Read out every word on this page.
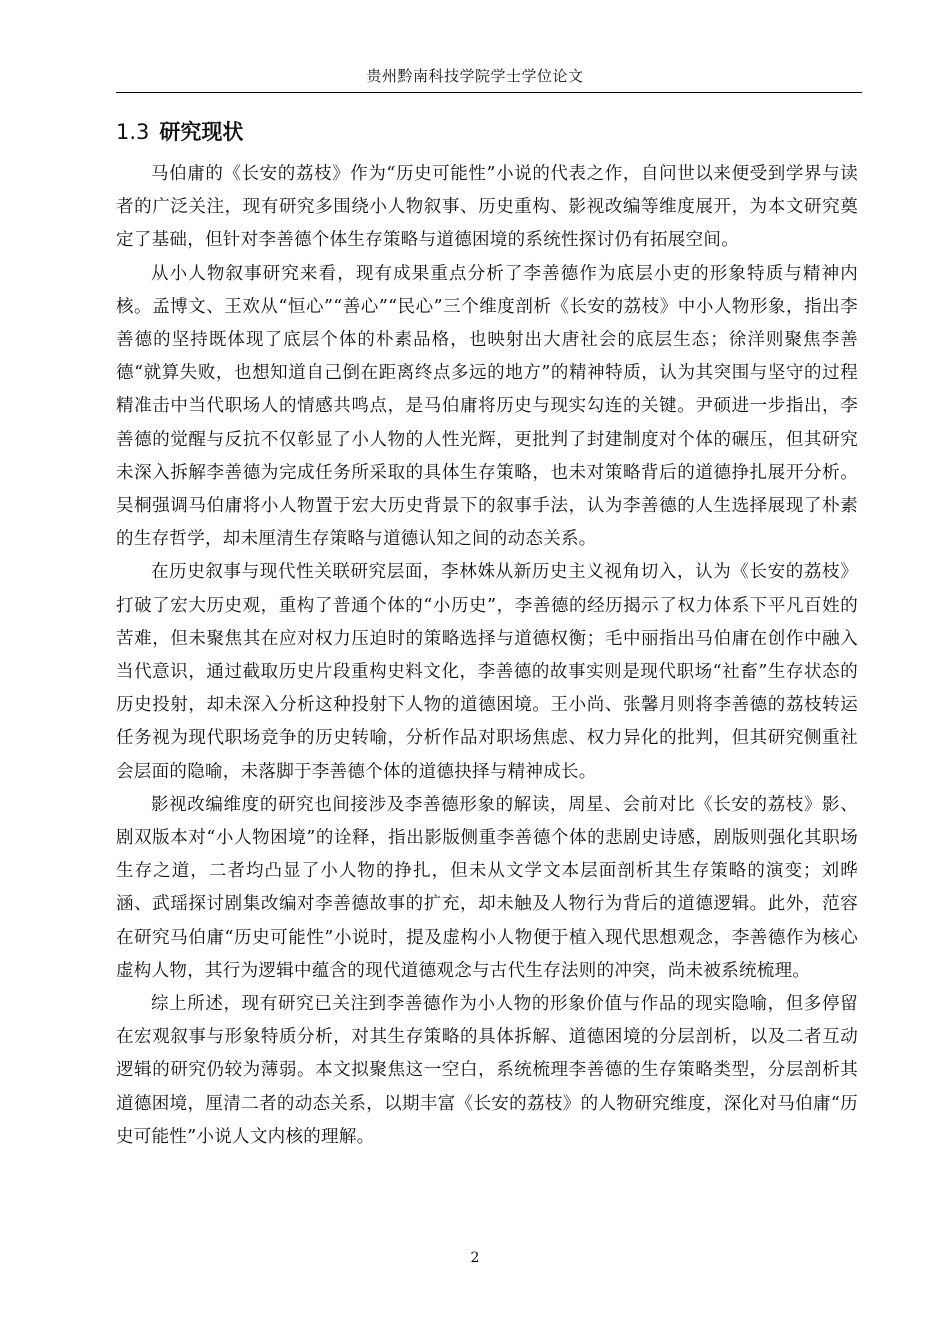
贵州黔南科技学院学士学位论文
1.3 研究现状

马伯庸的《长安的荔枝》作为“历史可能性”小说的代表之作，自问世以来便受到学界与读者的广泛关注，现有研究多围绕小人物叙事、历史重构、影视改编等维度展开，为本文研究奠定了基础，但针对李善德个体生存策略与道德困境的系统性探讨仍有拓展空间。

从小人物叙事研究来看，现有成果重点分析了李善德作为底层小吏的形象特质与精神内核。孟博文、王欢从“恒心”“善心”“民心”三个维度剖析《长安的荔枝》中小人物形象，指出李善德的坚持既体现了底层个体的朴素品格，也映射出大唐社会的底层生态；徐洋则聚焦李善德“就算失败，也想知道自己倒在距离终点多远的地方”的精神特质，认为其突围与坚守的过程精准击中当代职场人的情感共鸣点，是马伯庸将历史与现实勾连的关键。尹硕进一步指出，李善德的觉醒与反抗不仅彰显了小人物的人性光辉，更批判了封建制度对个体的碾压，但其研究未深入拆解李善德为完成任务所采取的具体生存策略，也未对策略背后的道德挣扎展开分析。吴桐强调马伯庸将小人物置于宏大历史背景下的叙事手法，认为李善德的人生选择展现了朴素的生存哲学，却未厘清生存策略与道德认知之间的动态关系。

在历史叙事与现代性关联研究层面，李林姝从新历史主义视角切入，认为《长安的荔枝》打破了宏大历史观，重构了普通个体的“小历史”，李善德的经历揭示了权力体系下平凡百姓的苦难，但未聚焦其在应对权力压迫时的策略选择与道德权衡；毛中丽指出马伯庸在创作中融入当代意识，通过截取历史片段重构史料文化，李善德的故事实则是现代职场“社畜”生存状态的历史投射，却未深入分析这种投射下人物的道德困境。王小尚、张馨月则将李善德的荔枝转运任务视为现代职场竞争的历史转喻，分析作品对职场焦虑、权力异化的批判，但其研究侧重社会层面的隐喻，未落脚于李善德个体的道德抉择与精神成长。

影视改编维度的研究也间接涉及李善德形象的解读，周星、会前对比《长安的荔枝》影、剧双版本对“小人物困境”的诠释，指出影版侧重李善德个体的悲剧史诗感，剧版则强化其职场生存之道，二者均凸显了小人物的挣扎，但未从文学文本层面剖析其生存策略的演变；刘晔涵、武瑶探讨剧集改编对李善德故事的扩充，却未触及人物行为背后的道德逻辑。此外，范容在研究马伯庸“历史可能性”小说时，提及虚构小人物便于植入现代思想观念，李善德作为核心虚构人物，其行为逻辑中蕴含的现代道德观念与古代生存法则的冲突，尚未被系统梳理。

综上所述，现有研究已关注到李善德作为小人物的形象价值与作品的现实隐喻，但多停留在宏观叙事与形象特质分析，对其生存策略的具体拆解、道德困境的分层剖析，以及二者互动逻辑的研究仍较为薄弱。本文拟聚焦这一空白，系统梳理李善德的生存策略类型，分层剖析其道德困境，厘清二者的动态关系，以期丰富《长安的荔枝》的人物研究维度，深化对马伯庸“历史可能性”小说人文内核的理解。

2
